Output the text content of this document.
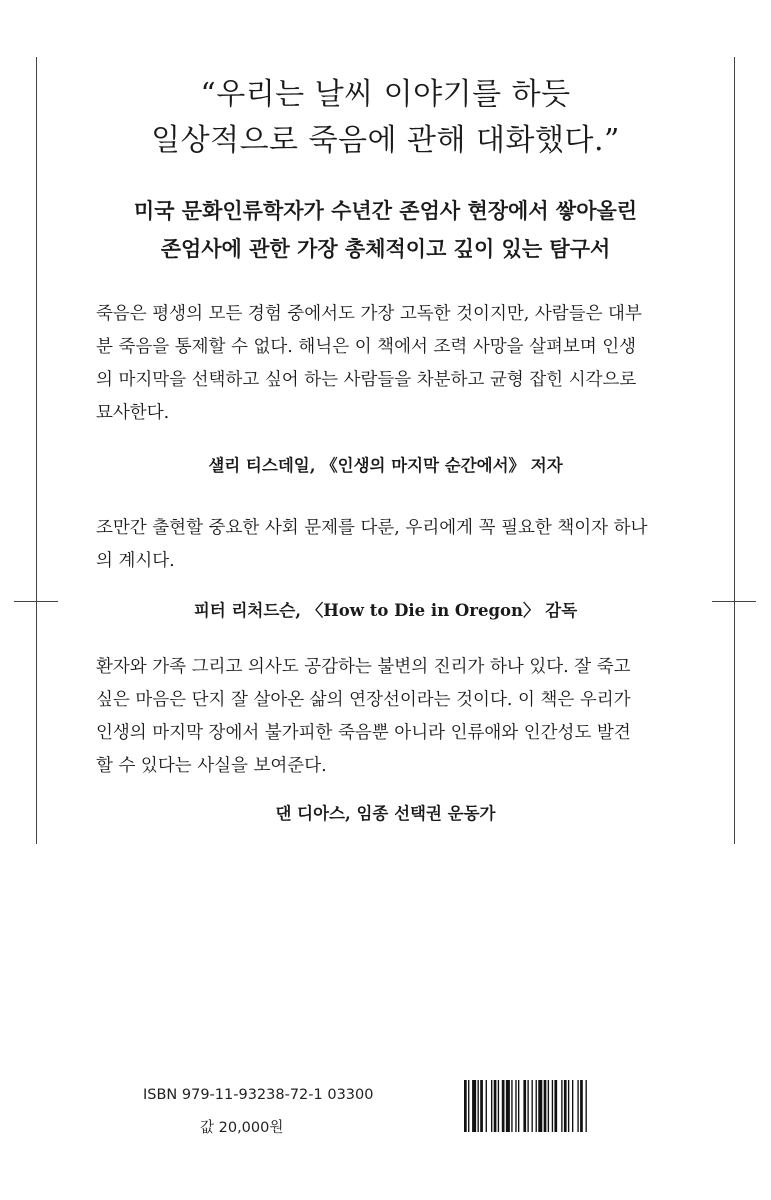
“우리는 날씨 이야기를 하듯
일상적으로 죽음에 관해 대화했다.”
미국 문화인류학자가 수년간 존엄사 현장에서 쌓아올린
존엄사에 관한 가장 총체적이고 깊이 있는 탐구서
죽음은 평생의 모든 경험 중에서도 가장 고독한 것이지만, 사람들은 대부
분 죽음을 통제할 수 없다. 해닉은 이 책에서 조력 사망을 살펴보며 인생
의 마지막을 선택하고 싶어 하는 사람들을 차분하고 균형 잡힌 시각으로
묘사한다.
섈리 티스데일, 《인생의 마지막 순간에서》 저자
조만간 출현할 중요한 사회 문제를 다룬, 우리에게 꼭 필요한 책이자 하나
의 계시다.
피터 리처드슨, 〈How to Die in Oregon〉 감독
환자와 가족 그리고 의사도 공감하는 불변의 진리가 하나 있다. 잘 죽고
싶은 마음은 단지 잘 살아온 삶의 연장선이라는 것이다. 이 책은 우리가
인생의 마지막 장에서 불가피한 죽음뿐 아니라 인류애와 인간성도 발견
할 수 있다는 사실을 보여준다.
댄 디아스, 임종 선택권 운동가
ISBN 979-11-93238-72-1 03300
값 20,000원
